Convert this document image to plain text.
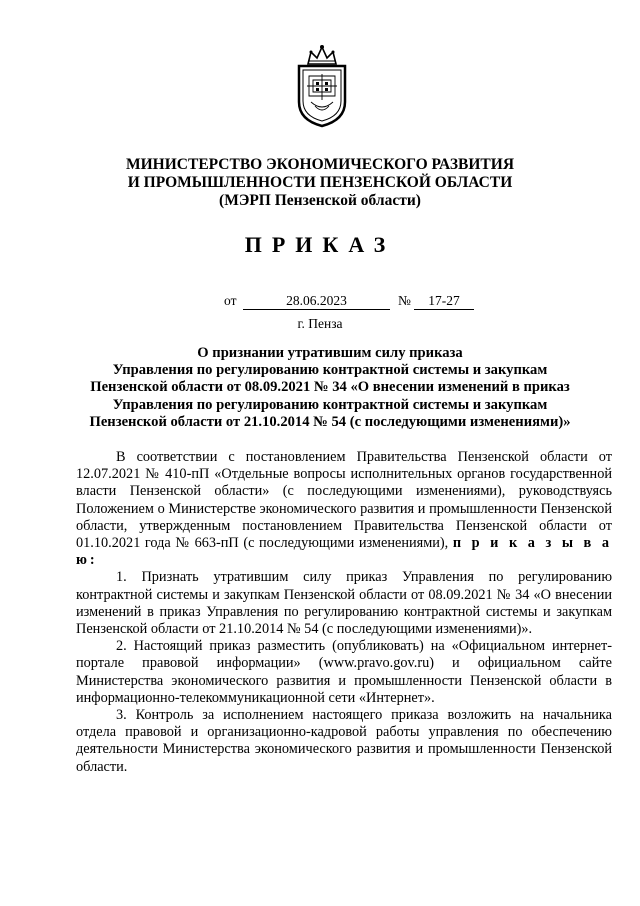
МИНИСТЕРСТВО ЭКОНОМИЧЕСКОГО РАЗВИТИЯ
И ПРОМЫШЛЕННОСТИ ПЕНЗЕНСКОЙ ОБЛАСТИ
(МЭРП Пензенской области)
ПРИКАЗ
от	28.06.2023	№	17-27
г. Пенза
О признании утратившим силу приказа
Управления по регулированию контрактной системы и закупкам
Пензенской области от 08.09.2021 № 34 «О внесении изменений в приказ
Управления по регулированию контрактной системы и закупкам
Пензенской области от 21.10.2014 № 54 (с последующими изменениями)»

В соответствии с постановлением Правительства Пензенской области от 12.07.2021 № 410-пП «Отдельные вопросы исполнительных органов государственной власти Пензенской области» (с последующими изменениями), руководствуясь Положением о Министерстве экономического развития и промышленности Пензенской области, утвержденным постановлением Правительства Пензенской области от 01.10.2021 года № 663-пП (с последующими изменениями), п р и к а з ы в а ю:

1. Признать утратившим силу приказ Управления по регулированию контрактной системы и закупкам Пензенской области от 08.09.2021 № 34 «О внесении изменений в приказ Управления по регулированию контрактной системы и закупкам Пензенской области от 21.10.2014 № 54 (с последующими изменениями)».

2. Настоящий приказ разместить (опубликовать) на «Официальном интернет-портале правовой информации» (www.pravo.gov.ru) и официальном сайте Министерства экономического развития и промышленности Пензенской области в информационно-телекоммуникационной сети «Интернет».

3. Контроль за исполнением настоящего приказа возложить на начальника отдела правовой и организационно-кадровой работы управления по обеспечению деятельности Министерства экономического развития и промышленности Пензенской области.
